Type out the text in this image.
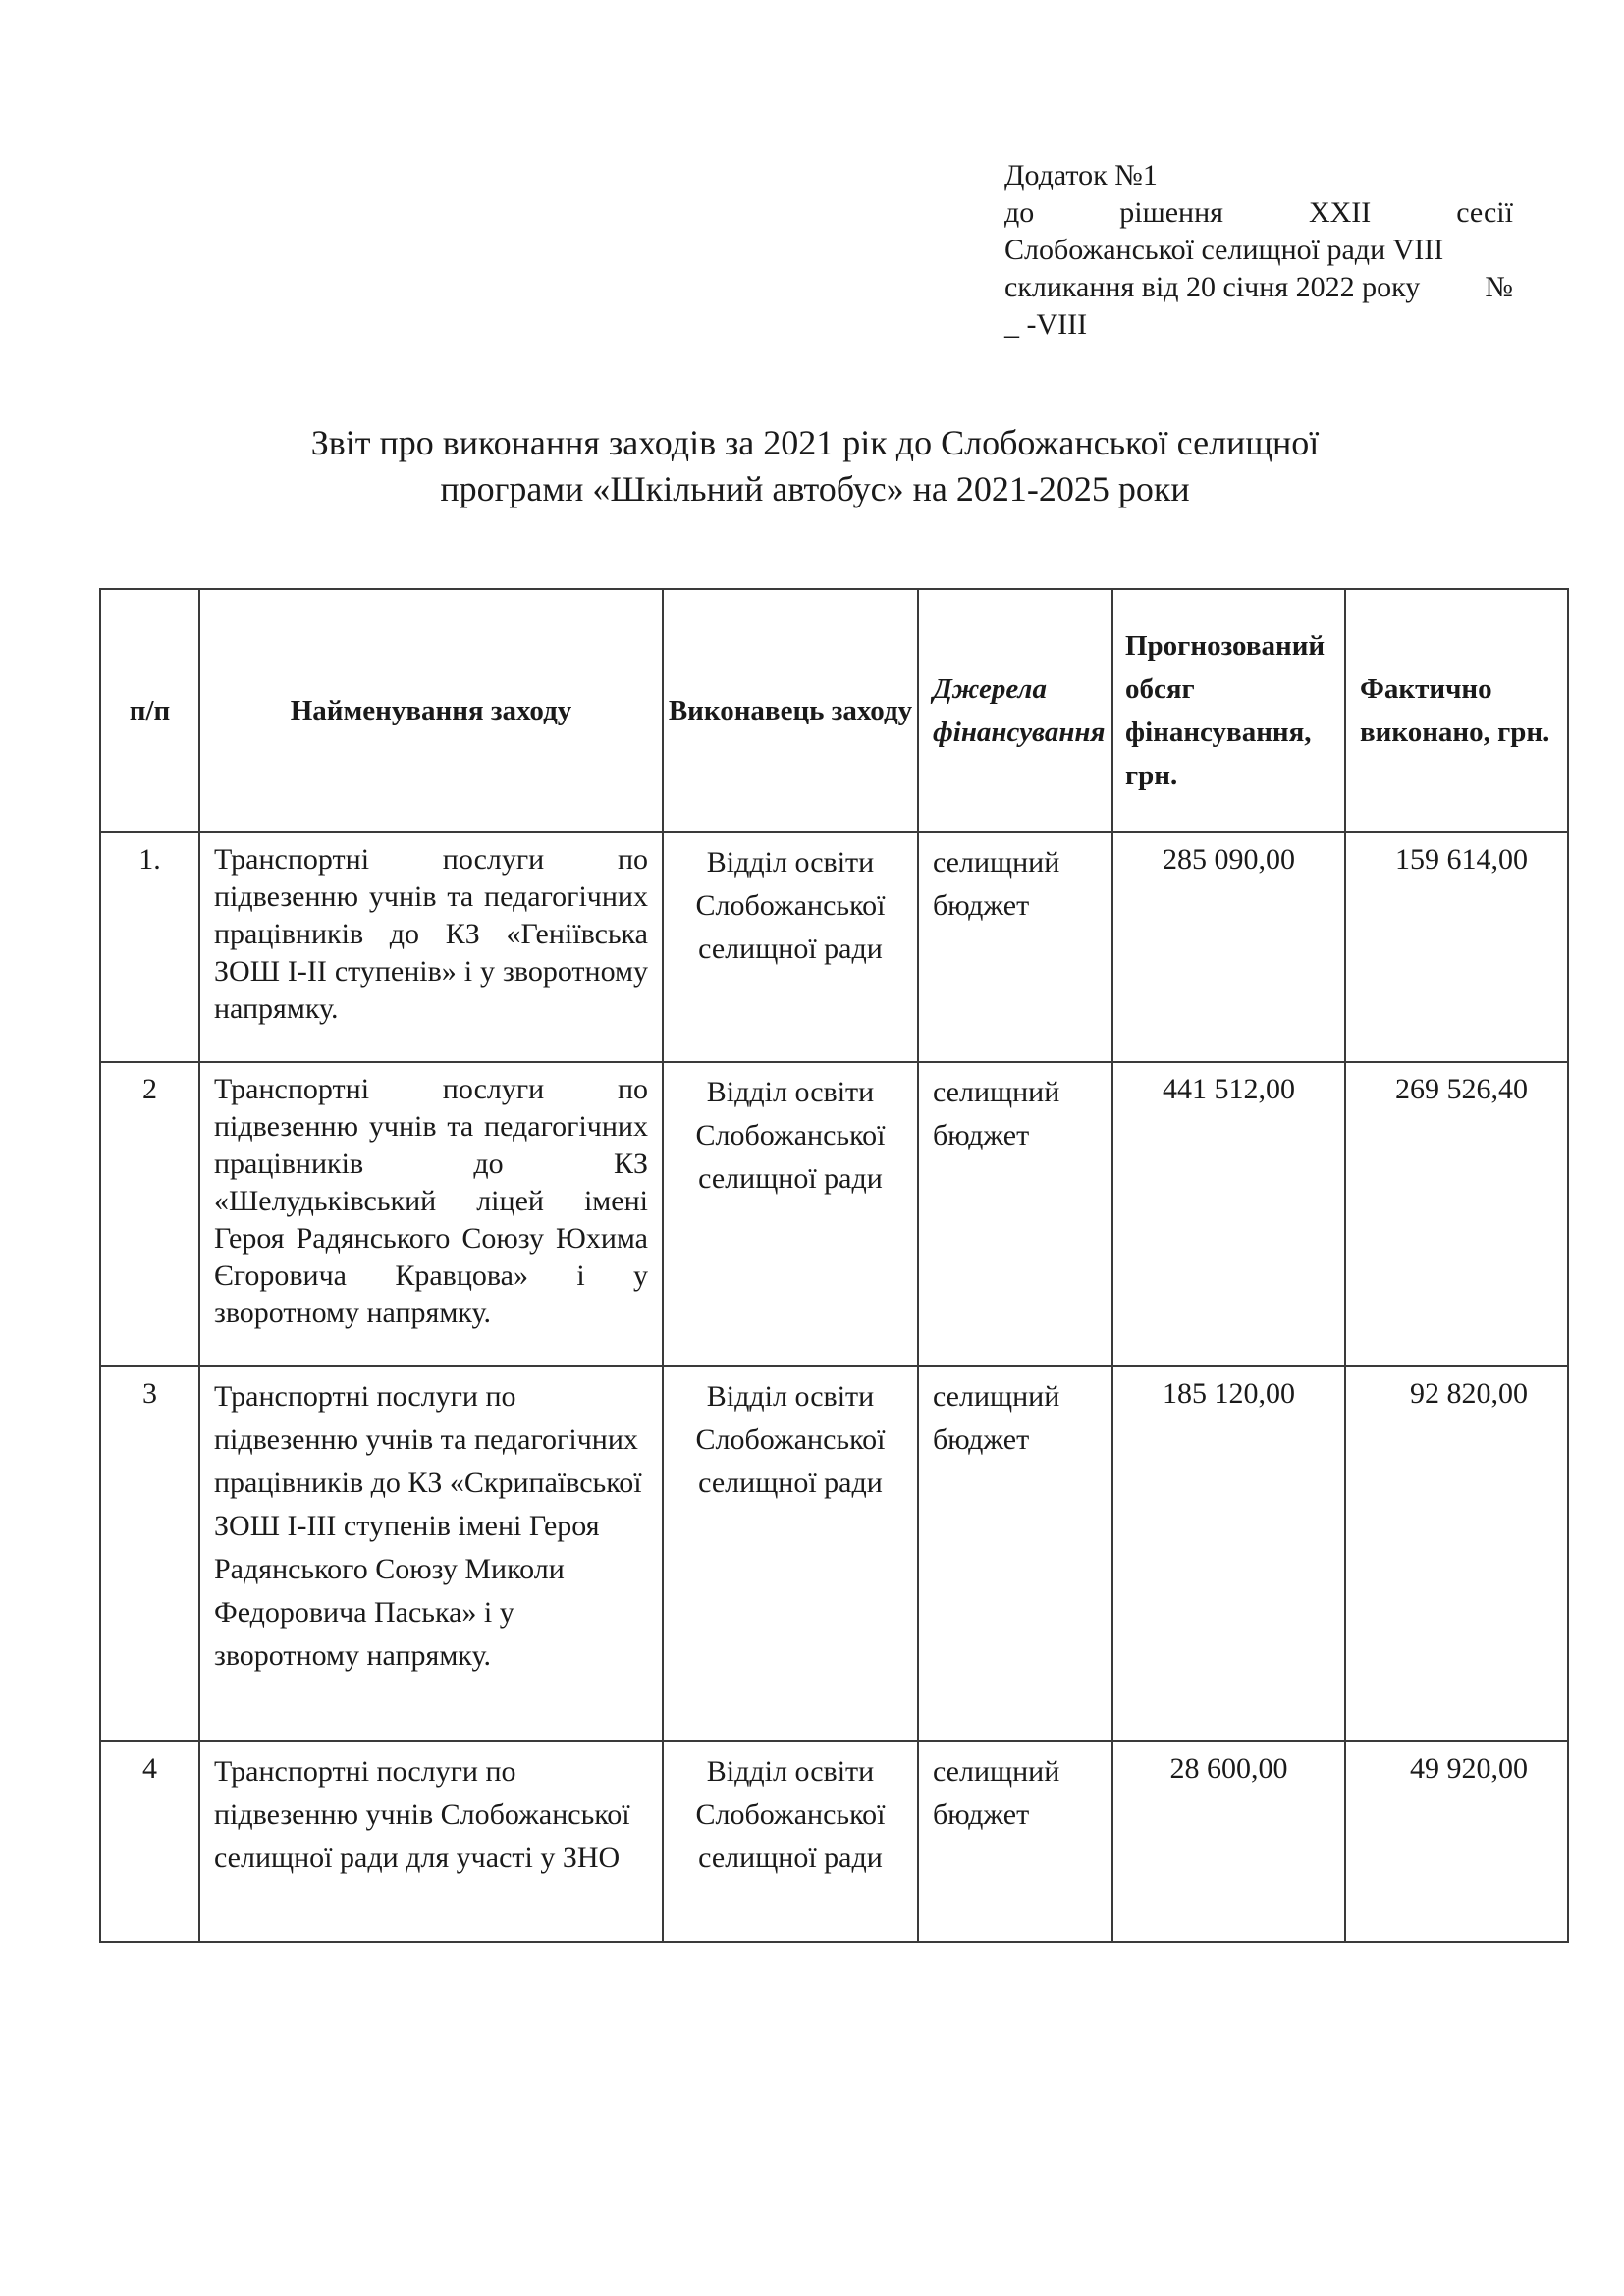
Додаток №1
до	рішення	XXII	сесії
Слобожанської селищної ради VIII
скликання від 20 січня 2022 року №
_ -VIII
Звіт про виконання заходів за 2021 рік до Слобожанської селищної
програми «Шкільний автобус» на 2021-2025 роки
п/п	Найменування заходу	Виконавець заходу	Джерела фінансування	Прогнозований обсяг фінансування, грн.	Фактично виконано, грн.
1.	Транспортні послуги по підвезенню учнів та педагогічних працівників до КЗ «Геніївська ЗОШ І-ІІ ступенів» і у зворотному напрямку.	Відділ освіти Слобожанської селищної ради	селищний бюджет	285 090,00	159 614,00
2	Транспортні послуги по підвезенню учнів та педагогічних працівників до КЗ «Шелудьківський ліцей імені Героя Радянського Союзу Юхима Єгоровича Кравцова» і у зворотному напрямку.	Відділ освіти Слобожанської селищної ради	селищний бюджет	441 512,00	269 526,40
3	Транспортні послуги по підвезенню учнів та педагогічних працівників до КЗ «Скрипаївської ЗОШ І-ІІІ ступенів імені Героя Радянського Союзу Миколи Федоровича Паська» і у зворотному напрямку.	Відділ освіти Слобожанської селищної ради	селищний бюджет	185 120,00	92 820,00
4	Транспортні послуги по підвезенню учнів Слобожанської селищної ради для участі у ЗНО	Відділ освіти Слобожанської селищної ради	селищний бюджет	28 600,00	49 920,00
